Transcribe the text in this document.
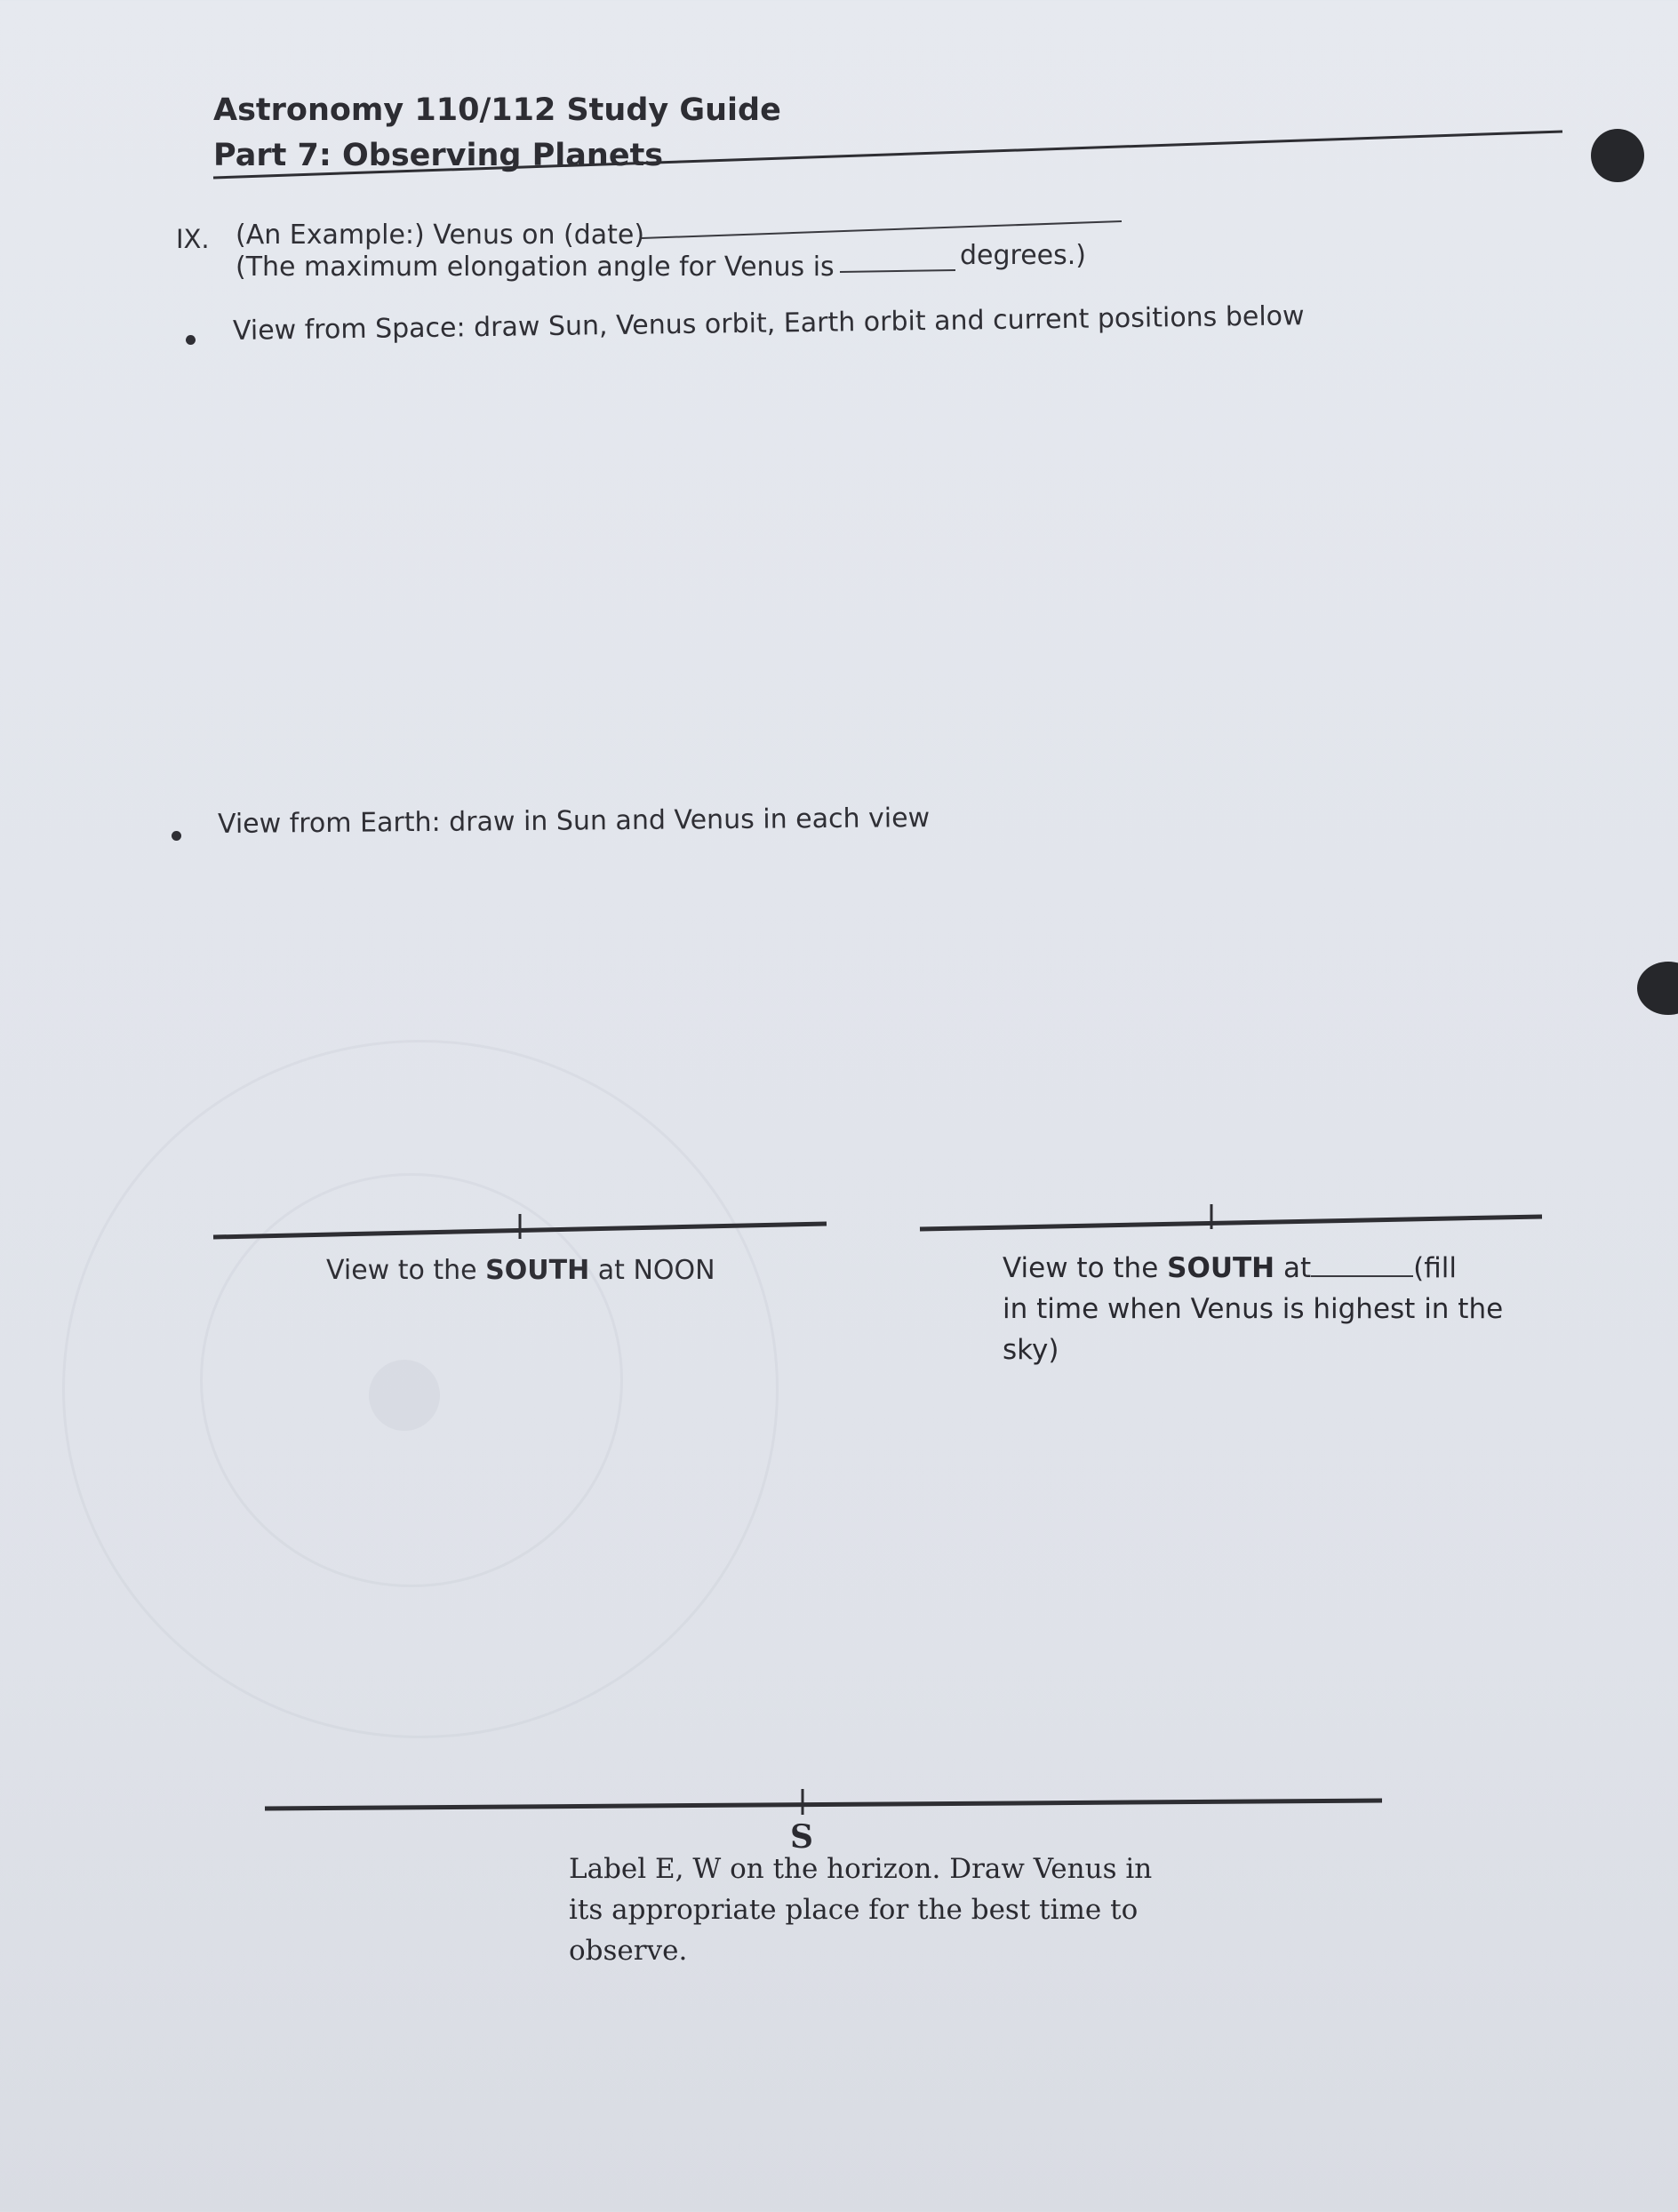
Astronomy 110/112 Study Guide
Part 7: Observing Planets
IX. (An Example:) Venus on (date)
(The maximum elongation angle for Venus is	degrees.)
View from Space: draw Sun, Venus orbit, Earth orbit and current positions below
View from Earth: draw in Sun and Venus in each view
View to the SOUTH at NOON	View to the SOUTH at	(fill
in time when Venus is highest in the
sky)
S
Label E, W on the horizon. Draw Venus in
its appropriate place for the best time to
observe.
